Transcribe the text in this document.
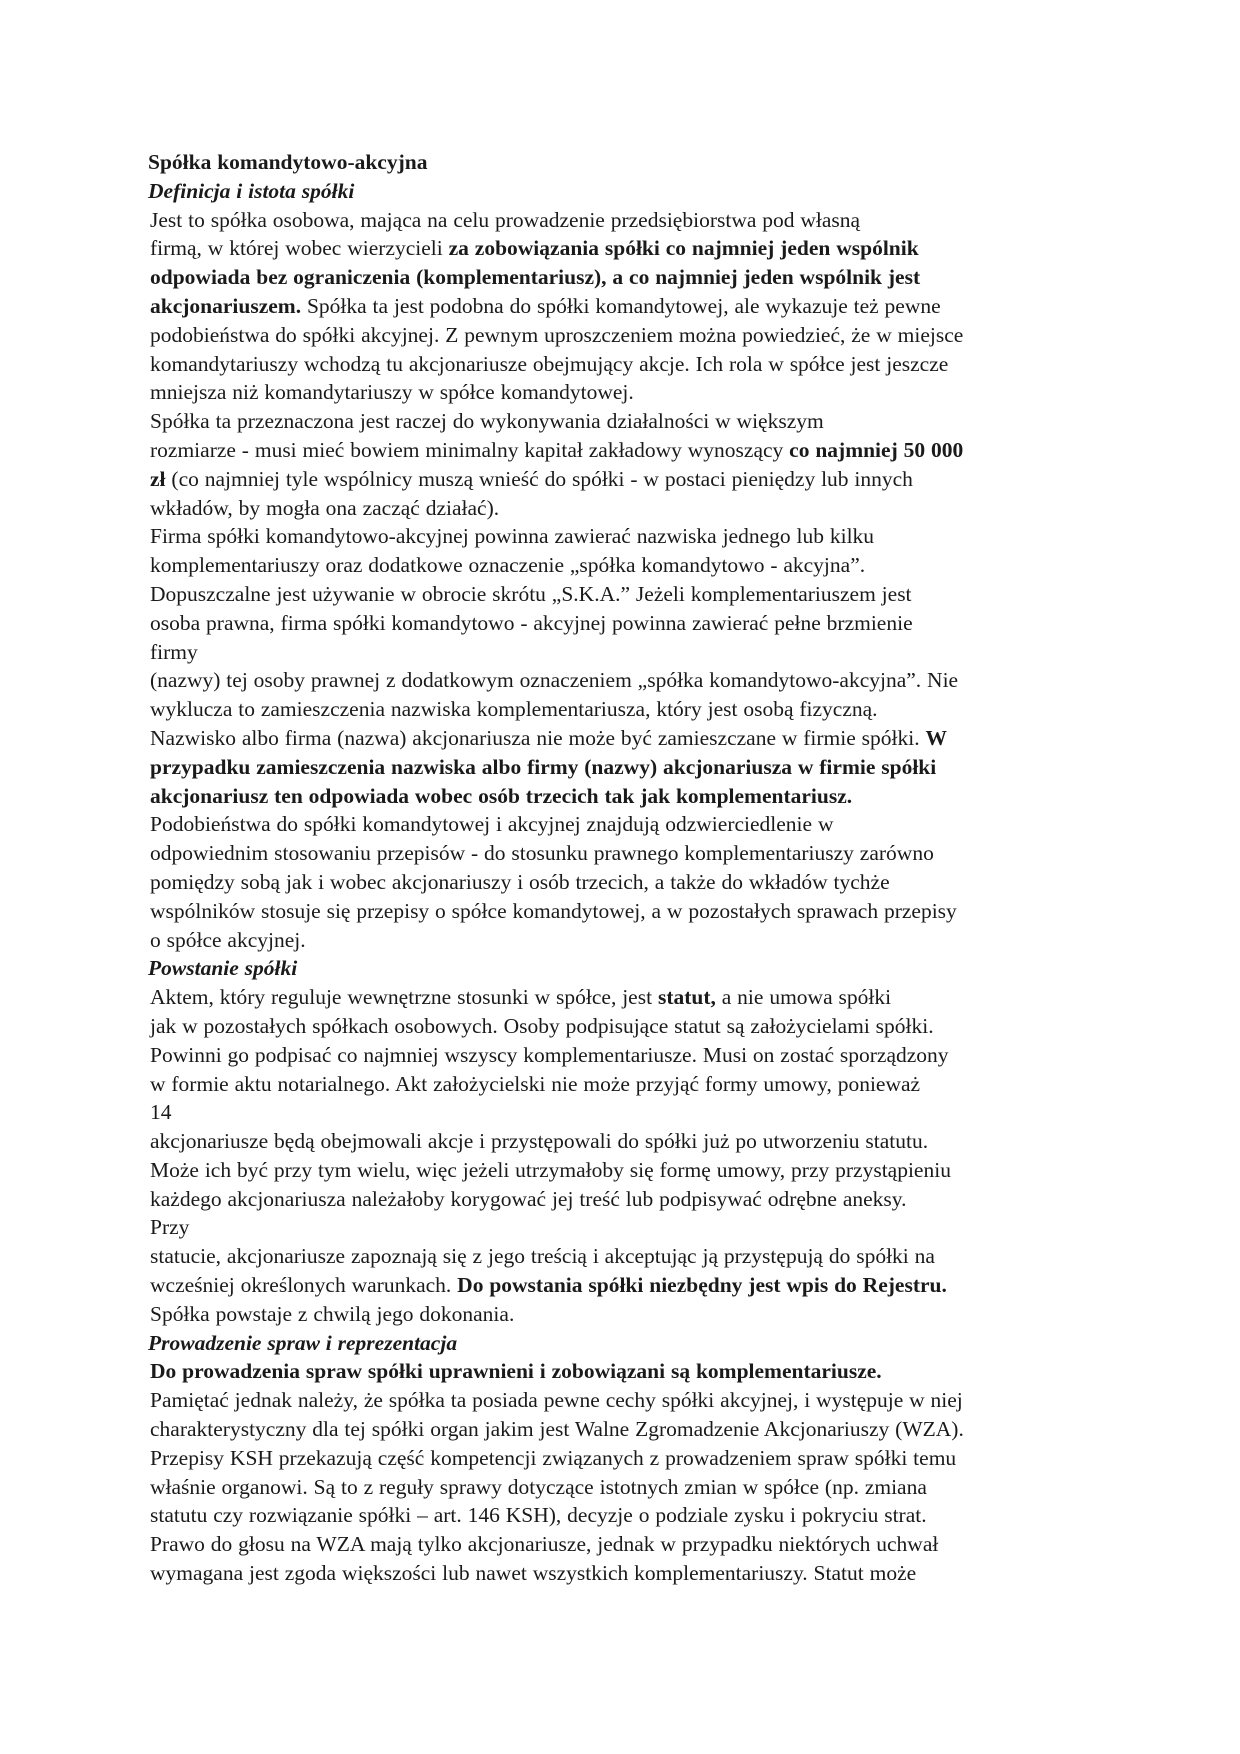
Spółka komandytowo-akcyjna
Definicja i istota spółki
Jest to spółka osobowa, mająca na celu prowadzenie przedsiębiorstwa pod własną
firmą, w której wobec wierzycieli za zobowiązania spółki co najmniej jeden wspólnik
odpowiada bez ograniczenia (komplementariusz), a co najmniej jeden wspólnik jest
akcjonariuszem. Spółka ta jest podobna do spółki komandytowej, ale wykazuje też pewne
podobieństwa do spółki akcyjnej. Z pewnym uproszczeniem można powiedzieć, że w miejsce
komandytariuszy wchodzą tu akcjonariusze obejmujący akcje. Ich rola w spółce jest jeszcze
mniejsza niż komandytariuszy w spółce komandytowej.
Spółka ta przeznaczona jest raczej do wykonywania działalności w większym
rozmiarze - musi mieć bowiem minimalny kapitał zakładowy wynoszący co najmniej 50 000
zł (co najmniej tyle wspólnicy muszą wnieść do spółki - w postaci pieniędzy lub innych
wkładów, by mogła ona zacząć działać).
Firma spółki komandytowo-akcyjnej powinna zawierać nazwiska jednego lub kilku
komplementariuszy oraz dodatkowe oznaczenie „spółka komandytowo - akcyjna”.
Dopuszczalne jest używanie w obrocie skrótu „S.K.A.” Jeżeli komplementariuszem jest
osoba prawna, firma spółki komandytowo - akcyjnej powinna zawierać pełne brzmienie
firmy
(nazwy) tej osoby prawnej z dodatkowym oznaczeniem „spółka komandytowo-akcyjna”. Nie
wyklucza to zamieszczenia nazwiska komplementariusza, który jest osobą fizyczną.
Nazwisko albo firma (nazwa) akcjonariusza nie może być zamieszczane w firmie spółki. W
przypadku zamieszczenia nazwiska albo firmy (nazwy) akcjonariusza w firmie spółki
akcjonariusz ten odpowiada wobec osób trzecich tak jak komplementariusz.
Podobieństwa do spółki komandytowej i akcyjnej znajdują odzwierciedlenie w
odpowiednim stosowaniu przepisów - do stosunku prawnego komplementariuszy zarówno
pomiędzy sobą jak i wobec akcjonariuszy i osób trzecich, a także do wkładów tychże
wspólników stosuje się przepisy o spółce komandytowej, a w pozostałych sprawach przepisy
o spółce akcyjnej.
Powstanie spółki
Aktem, który reguluje wewnętrzne stosunki w spółce, jest statut, a nie umowa spółki
jak w pozostałych spółkach osobowych. Osoby podpisujące statut są założycielami spółki.
Powinni go podpisać co najmniej wszyscy komplementariusze. Musi on zostać sporządzony
w formie aktu notarialnego. Akt założycielski nie może przyjąć formy umowy, ponieważ
14
akcjonariusze będą obejmowali akcje i przystępowali do spółki już po utworzeniu statutu.
Może ich być przy tym wielu, więc jeżeli utrzymałoby się formę umowy, przy przystąpieniu
każdego akcjonariusza należałoby korygować jej treść lub podpisywać odrębne aneksy.
Przy
statucie, akcjonariusze zapoznają się z jego treścią i akceptując ją przystępują do spółki na
wcześniej określonych warunkach. Do powstania spółki niezbędny jest wpis do Rejestru.
Spółka powstaje z chwilą jego dokonania.
Prowadzenie spraw i reprezentacja
Do prowadzenia spraw spółki uprawnieni i zobowiązani są komplementariusze.
Pamiętać jednak należy, że spółka ta posiada pewne cechy spółki akcyjnej, i występuje w niej
charakterystyczny dla tej spółki organ jakim jest Walne Zgromadzenie Akcjonariuszy (WZA).
Przepisy KSH przekazują część kompetencji związanych z prowadzeniem spraw spółki temu
właśnie organowi. Są to z reguły sprawy dotyczące istotnych zmian w spółce (np. zmiana
statutu czy rozwiązanie spółki – art. 146 KSH), decyzje o podziale zysku i pokryciu strat.
Prawo do głosu na WZA mają tylko akcjonariusze, jednak w przypadku niektórych uchwał
wymagana jest zgoda większości lub nawet wszystkich komplementariuszy. Statut może
